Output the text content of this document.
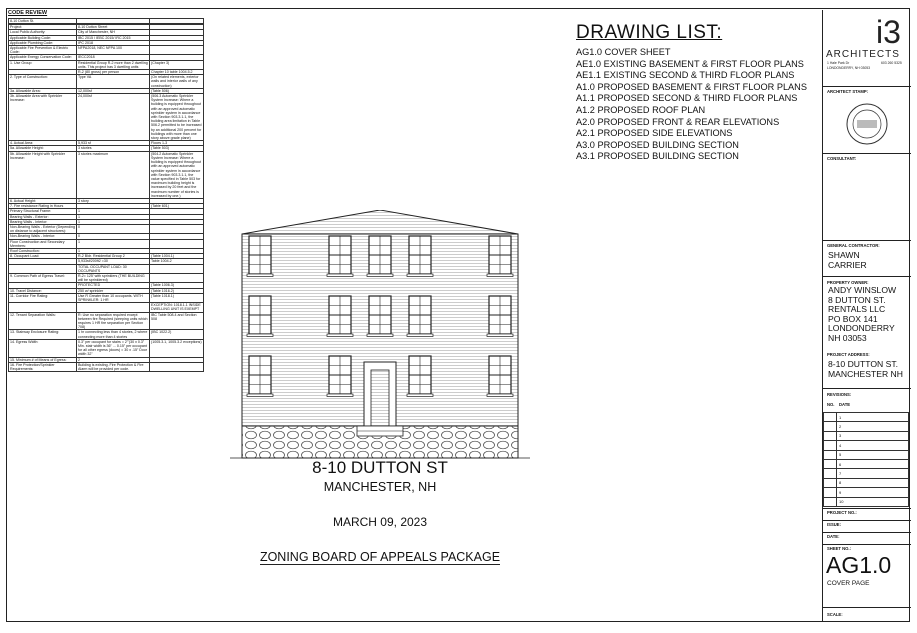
CODE REVIEW
8-10 Dutton St.		

Project:	8-10 Dutton Street	
Local Public Authority:	City of Manchester, NH	
Applicable Building Code:	IBC 2015 / IEBC 2015/ IRC 2015	
Applicable Plumbing Code:	IPC 2018	
Applicable Fire Prevention & Electric Code:	NFPA2018, NEC NFPA 100	
Applicable Energy Conservation Code:	IECC2018	
1. Use Group:	Residential Group R-2 more than 2 dwelling units. This project has 3 dwelling units	(Chapter 3)
	R-2 (80 gross) per person	Chapter 10 table 1004.5.2
2. Type of Construction:	Type VA	(On related elements, exterior walls and interior walls of any construction)
3a. Allowable Area:	12,000sf	(Table 506)
3b. Allowable Area with Sprinkler Increase:	24,000sf	(506.3 Automatic Sprinkler System Increase: Where a building is equipped throughout with an approved automatic sprinkler system in accordance with Section 903.3.1.1, the building area limitation in Table 506.2 permitted to be increased by an additional 200 percent for buildings with more than one story above grade plane)
4. Actual Area:	5,933 sf	Floors 1-3
5a. Allowable Height:	3 stories	(Table 503)
5b. Allowable Height with Sprinkler Increase:	3 stories maximum	(504.2 Automatic Sprinkler System Increase: Where a building is equipped throughout with an approved automatic sprinkler system in accordance with Section 903.3.1.1, the value specified in Table 503 for maximum building height is increased by 20 feet and the maximum number of stories is increased by one.)
6. Actual Height:	3 story	
7. Fire resistance Rating in Hours		(Table 601)
Primary Structural Frame:	1	
Bearing Walls - Exterior:	1	
Bearing Walls - Interior:	1	
Non-Bearing Walls - Exterior (Depending on distance to adjacent structures):	0	
Non-Bearing Walls - Interior:	0	
Floor Construction and Secondary Members:	1	
Roof Construction:	1	
8. Occupant Load:	R-2 Bldr. Residential Group 2	(Table 1004.1)
	5,933sf/200ft2 =30	Table 1004.2
	TOTAL OCCUPANT LOAD: 30 OCCUPANTS	
9. Common Path of Egress Travel:	R-2= 125' with sprinklers (THE BUILDING will be sprinklered)	
	PROTECTED	(Table 1006.3)
10. Travel Distance:	250 w/ sprinkler	(Table 1016.2)
11. Corridor Fire Rating:	Use R Greater than 10 occupants. WITH SPRINKLER: 1 HR	(Table 1018.1)
		EXCEPTION: 1018.1.1 INSIDE DWELLING UNIT IS EXEMPT
12. Tenant Separation Walls:	R: Use no separation required except between fire Required (sleeping units which requires 1 HR fire separation per Section 708)	IBC Table 508.4 and Section 508
13. Stairway Enclosure Rating:	1 hr connecting less than 4 stories, 2 where connecting more than 4 stories	(IBC 1022.2)
14. Egress Width:	0.3" per occupant for stairs = 2'"(30 x 0.3" Min. stair width is 36" ... 0.15" per occupant for all other egress (doors) = 30 x .15" Door width 32"	(1005.3.1, 1005.3.2 exceptions)
15. Minimum # of Means of Egress:	2	
16. Fire Protection/Sprinkler Requirements:	Building is existing. Fire Protection & Fire Alarm will be provided per code.	
DRAWING LIST:
AG1.0 COVER SHEET
AE1.0 EXISTING BASEMENT & FIRST FLOOR PLANS
AE1.1 EXISTING SECOND & THIRD FLOOR PLANS
A1.0 PROPOSED BASEMENT & FIRST FLOOR PLANS
A1.1 PROPOSED SECOND & THIRD FLOOR PLANS
A1.2 PROPOSED ROOF PLAN
A2.0 PROPOSED FRONT & REAR ELEVATIONS
A2.1 PROPOSED SIDE ELEVATIONS
A3.0 PROPOSED BUILDING SECTION
A3.1 PROPOSED BUILDING SECTION
8-10 DUTTON ST
MANCHESTER, NH
MARCH 09, 2023
ZONING BOARD OF APPEALS PACKAGE
i3
ARCHITECTS
1 Hale Park Dr
LONDONDERRY, NH 03053
603 260 5325
ARCHITECT STAMP:
CONSULTANT:
GENERAL CONTRACTOR:
SHAWN
CARRIER
PROPERTY OWNER:
ANDY WINSLOW
8 DUTTON ST.
RENTALS LLC
PO BOX 141
LONDONDERRY
NH 03053
PROJECT ADDRESS:
8-10 DUTTON ST.
MANCHESTER NH
REVISIONS:
NO. DATE
PROJECT NO.:
ISSUE:
DATE:
SHEET NO.:
AG1.0
COVER PAGE
SCALE:
	1
	2
	3
	4
	5
	6
	7
	8
	9
	10
